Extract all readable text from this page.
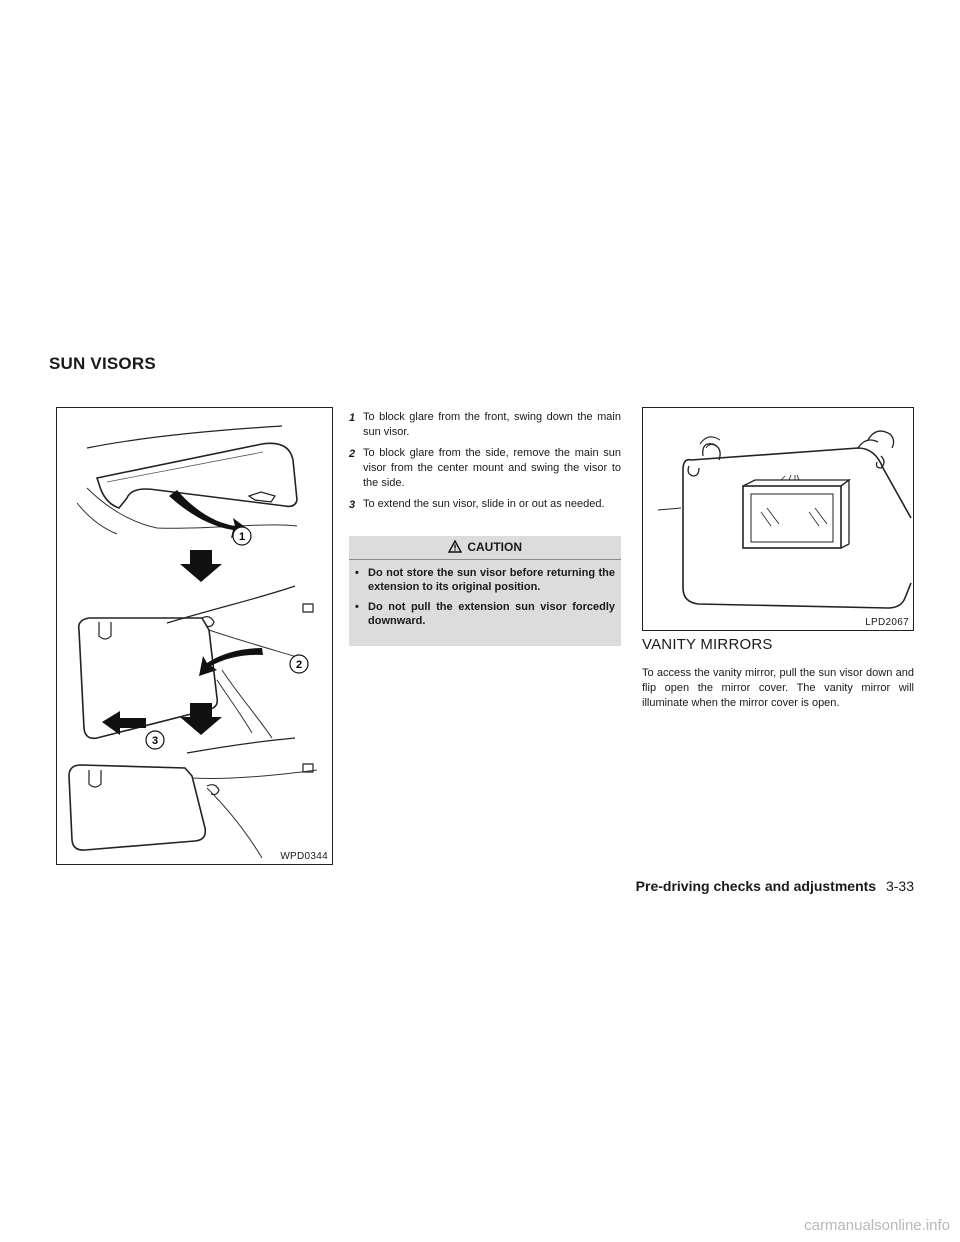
SUN VISORS
1
2
3
WPD0344
1 To block glare from the front, swing down the main sun visor.
2 To block glare from the side, remove the main sun visor from the center mount and swing the visor to the side.
3 To extend the sun visor, slide in or out as needed.
CAUTION
• Do not store the sun visor before returning the extension to its original position.
• Do not pull the extension sun visor forcedly downward.	LPD2067
VANITY MIRRORS
To access the vanity mirror, pull the sun visor down and flip open the mirror cover. The vanity mirror will illuminate when the mirror cover is open.
Pre-driving checks and adjustments 3-33
carmanualsonline.info
